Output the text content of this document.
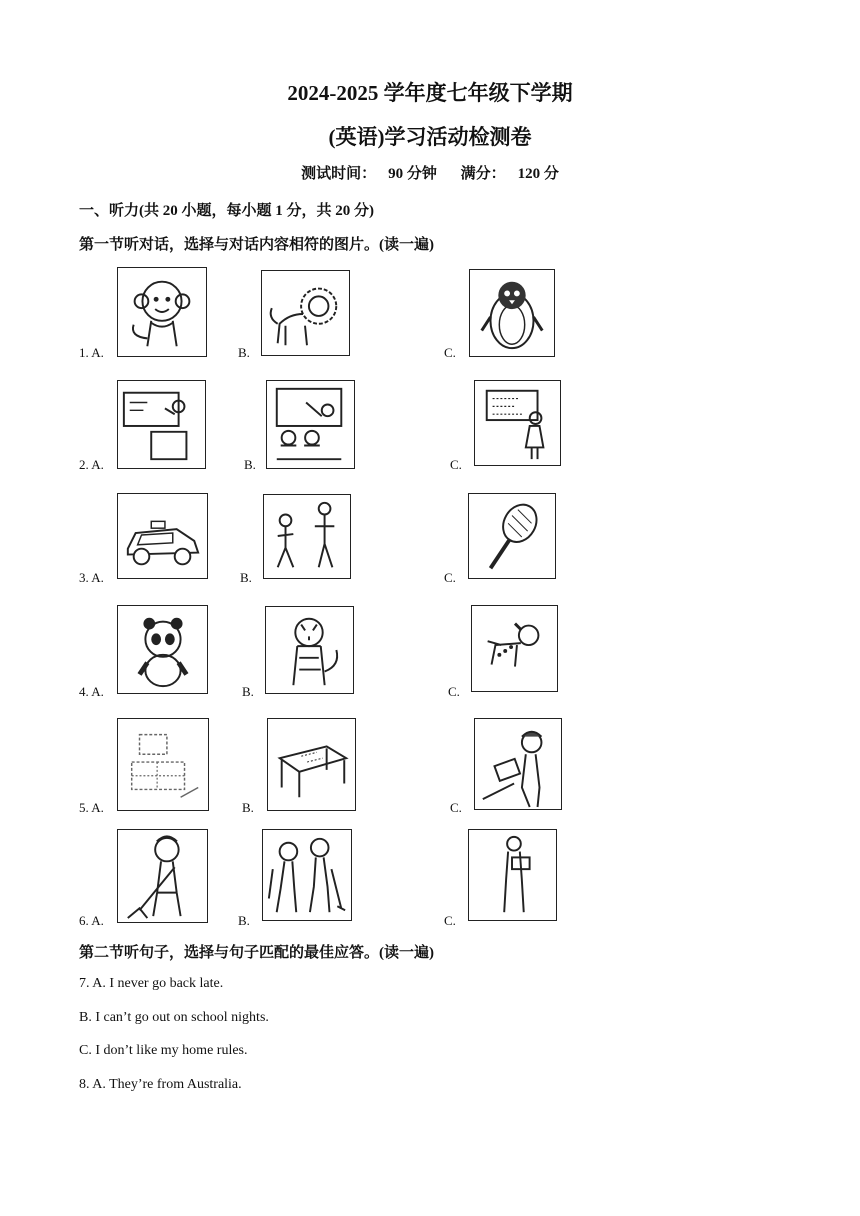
2024-2025 学年度七年级下学期
(英语)学习活动检测卷
测试时间： 90 分钟 满分： 120 分
一、听力(共 20 小题，每小题 1 分，共 20 分)
第一节听对话，选择与对话内容相符的图片。(读一遍)
1. A.	B.	C.
2. A.	B.	C.
3. A.	B.	C.
4. A.	B.	C.
5. A.	B.	C.
6. A.	B.	C.
第二节听句子，选择与句子匹配的最佳应答。(读一遍)
7. A. I never go back late.
B. I can’t go out on school nights.
C. I don’t like my home rules.
8. A. They’re from Australia.
